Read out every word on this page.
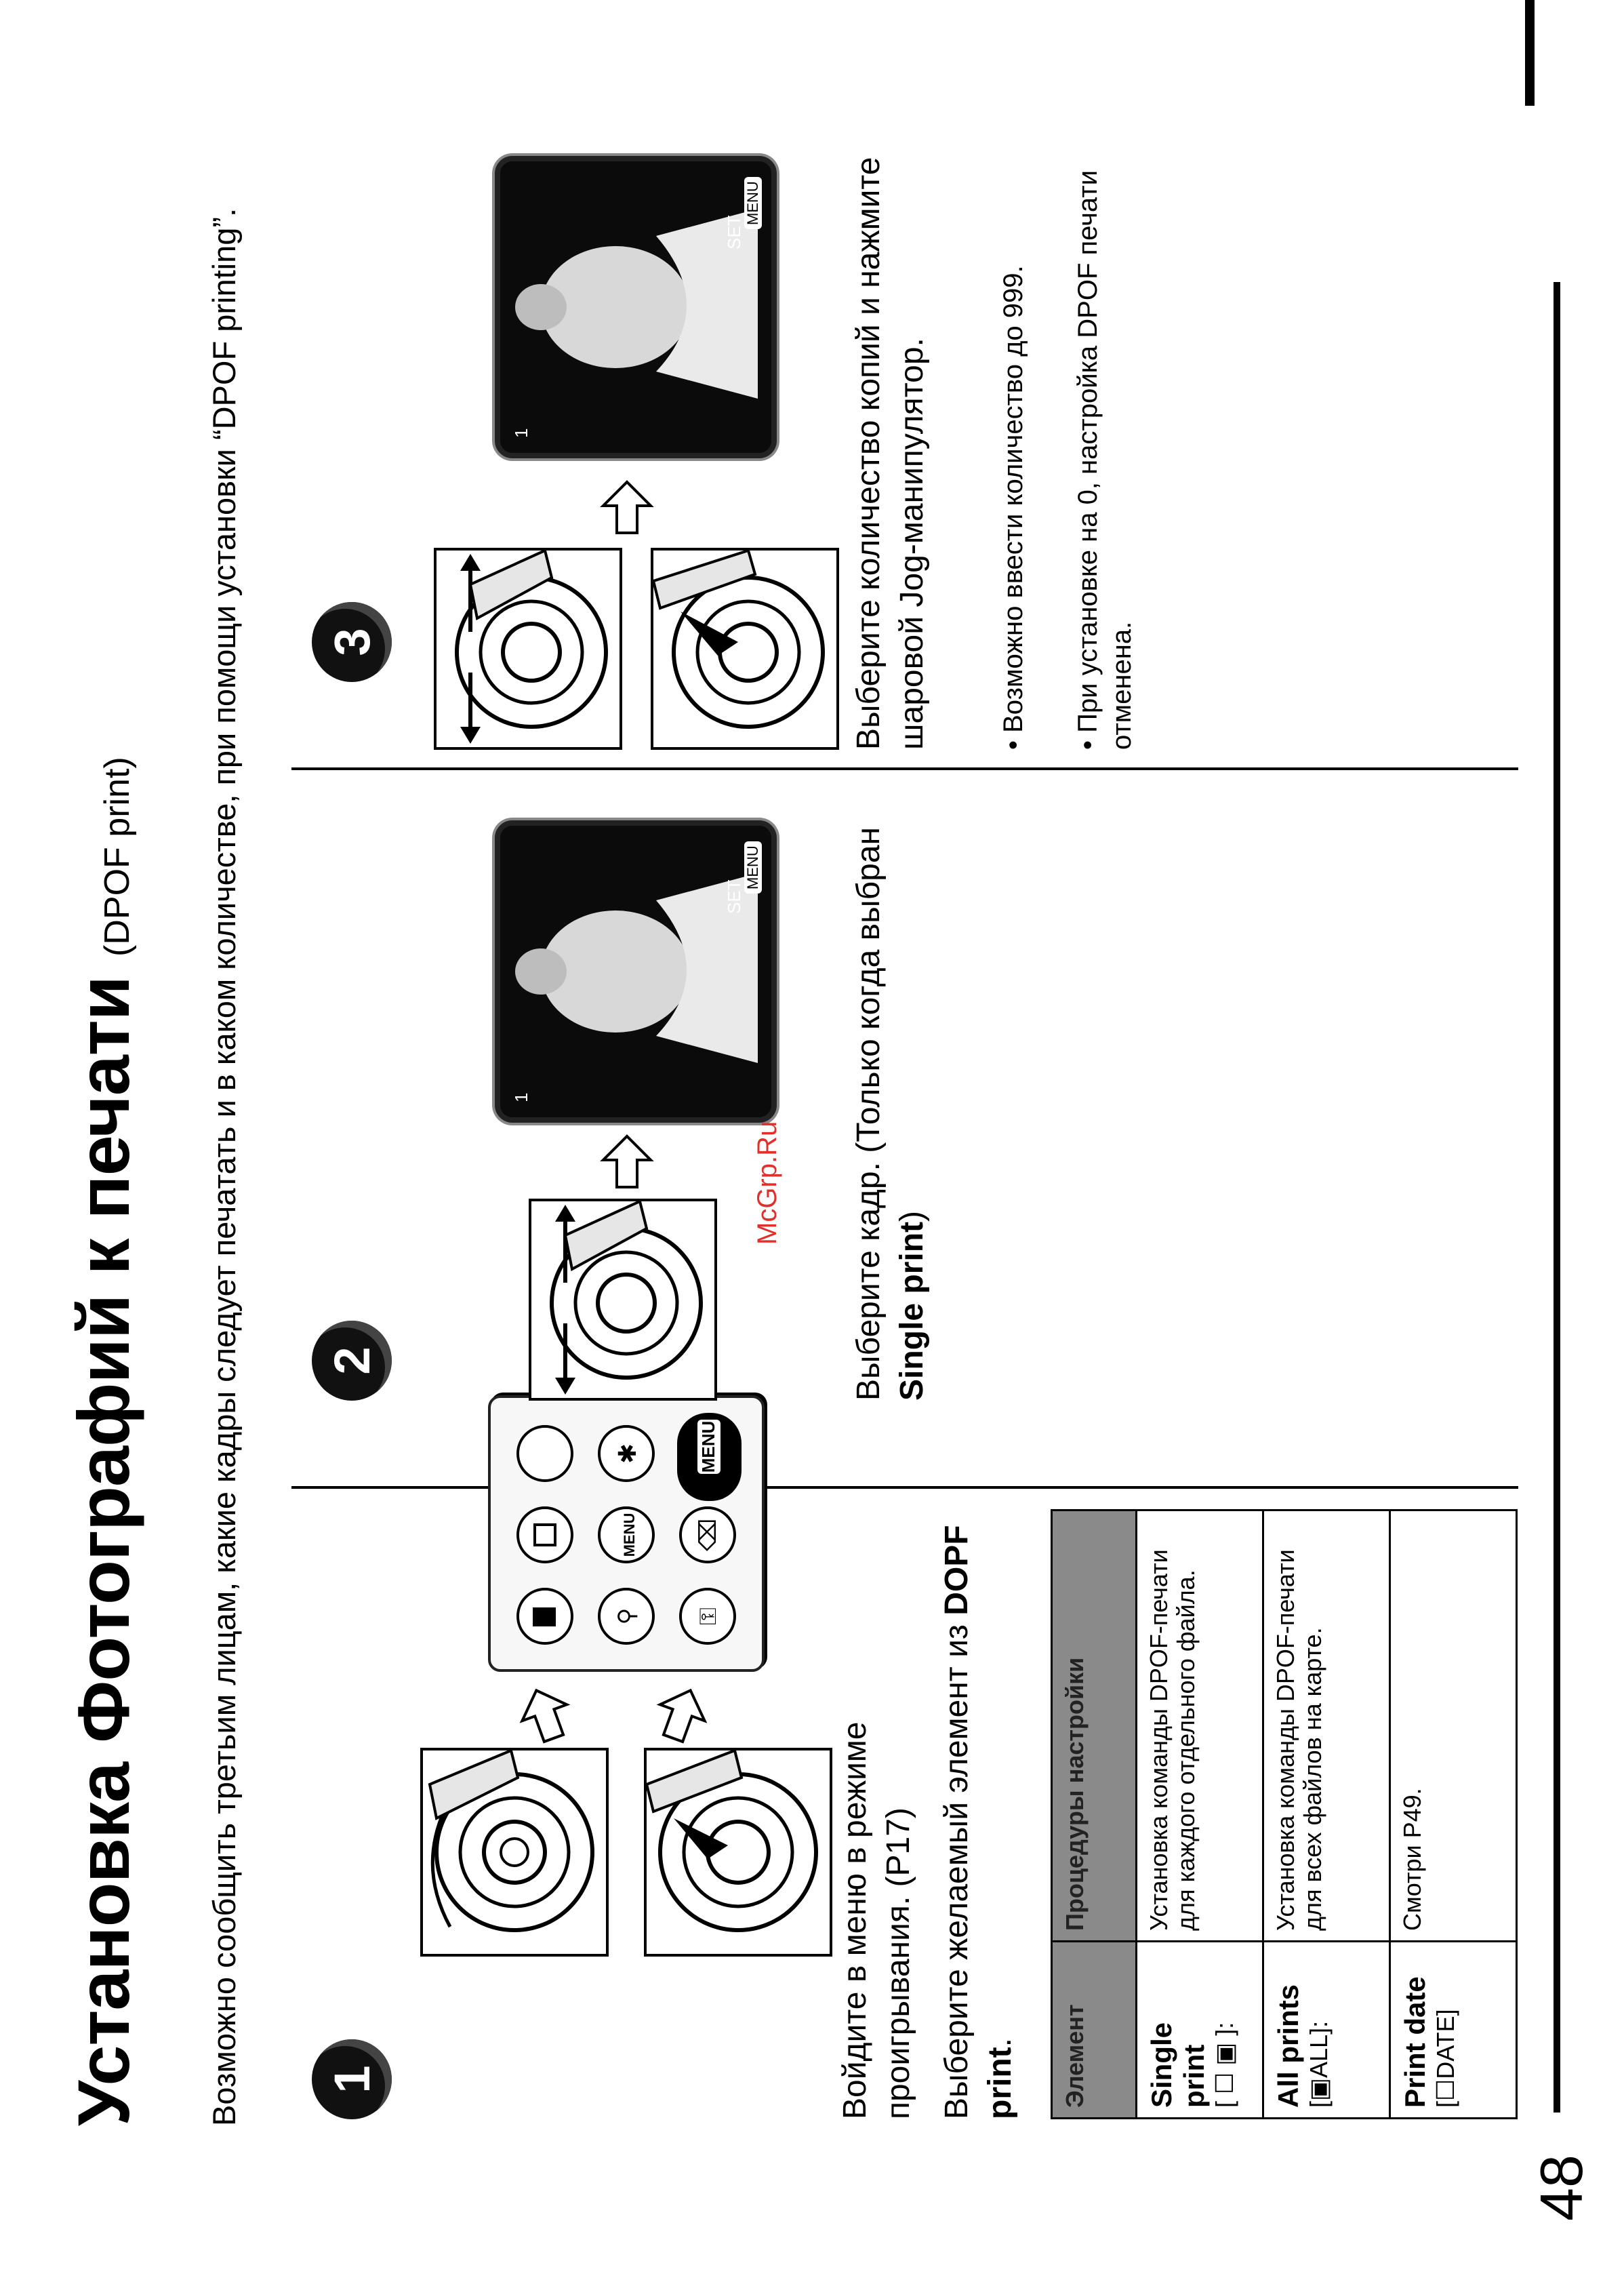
Установка Фотографий к печати (DPOF print) Возможно сообщить третьим лицам, какие кадры следует печатать и в каком количестве, при помощи установки “DPOF printing”. 1
⚲
MENU
✱
⚿
⌫
MENU
Войдите в меню в режиме проигрывания. (P17) Выберите желаемый элемент из DOPF print. Элемент	Процедуры настройки

Single print [ ☐ ▣ ]:	Установка команды DPOF-печати для каждого отдельного файла.

All prints [▣ALL]:	Установка команды DPOF-печати для всех файлов на карте.

Print date [☐DATE]	Смотри P49.
2
1
SET
MENU	Выберите кадр. (Только когда выбран Single print)
McGrp.Ru
3
1
SET
MENU	Выберите количество копий и нажмите шаровой Jog-манипулятор.	• Возможно ввести количество до 999.
• При установке на 0, настройка DPOF печати отменена.
48
